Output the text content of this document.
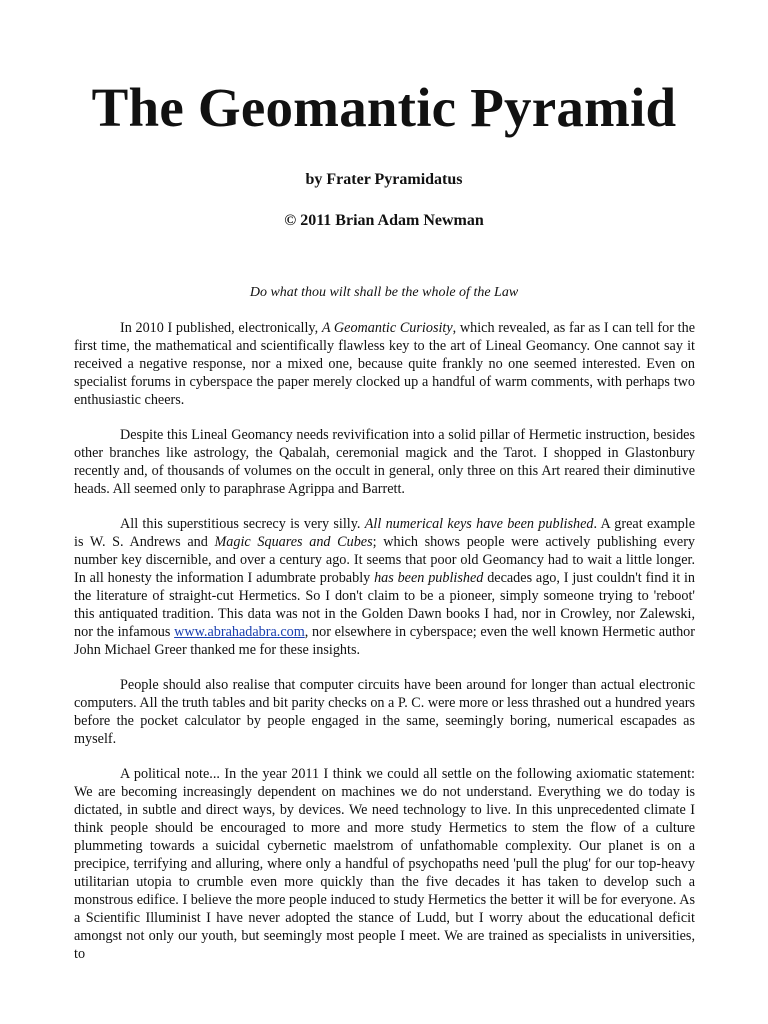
The Geomantic Pyramid

by Frater Pyramidatus

© 2011 Brian Adam Newman

Do what thou wilt shall be the whole of the Law

In 2010 I published, electronically, A Geomantic Curiosity, which revealed, as far as I can tell for the first time, the mathematical and scientifically flawless key to the art of Lineal Geomancy. One cannot say it received a negative response, nor a mixed one, because quite frankly no one seemed interested. Even on specialist forums in cyberspace the paper merely clocked up a handful of warm comments, with perhaps two enthusiastic cheers.

Despite this Lineal Geomancy needs revivification into a solid pillar of Hermetic instruction, besides other branches like astrology, the Qabalah, ceremonial magick and the Tarot. I shopped in Glastonbury recently and, of thousands of volumes on the occult in general, only three on this Art reared their diminutive heads. All seemed only to paraphrase Agrippa and Barrett.

All this superstitious secrecy is very silly. All numerical keys have been published. A great example is W. S. Andrews and Magic Squares and Cubes; which shows people were actively publishing every number key discernible, and over a century ago. It seems that poor old Geomancy had to wait a little longer. In all honesty the information I adumbrate probably has been published decades ago, I just couldn't find it in the literature of straight-cut Hermetics. So I don't claim to be a pioneer, simply someone trying to 'reboot' this antiquated tradition. This data was not in the Golden Dawn books I had, nor in Crowley, nor Zalewski, nor the infamous www.abrahadabra.com, nor elsewhere in cyberspace; even the well known Hermetic author John Michael Greer thanked me for these insights.

People should also realise that computer circuits have been around for longer than actual electronic computers. All the truth tables and bit parity checks on a P. C. were more or less thrashed out a hundred years before the pocket calculator by people engaged in the same, seemingly boring, numerical escapades as myself.

A political note... In the year 2011 I think we could all settle on the following axiomatic statement: We are becoming increasingly dependent on machines we do not understand. Everything we do today is dictated, in subtle and direct ways, by devices. We need technology to live. In this unprecedented climate I think people should be encouraged to more and more study Hermetics to stem the flow of a culture plummeting towards a suicidal cybernetic maelstrom of unfathomable complexity. Our planet is on a precipice, terrifying and alluring, where only a handful of psychopaths need 'pull the plug' for our top-heavy utilitarian utopia to crumble even more quickly than the five decades it has taken to develop such a monstrous edifice. I believe the more people induced to study Hermetics the better it will be for everyone. As a Scientific Illuminist I have never adopted the stance of Ludd, but I worry about the educational deficit amongst not only our youth, but seemingly most people I meet. We are trained as specialists in universities, to
